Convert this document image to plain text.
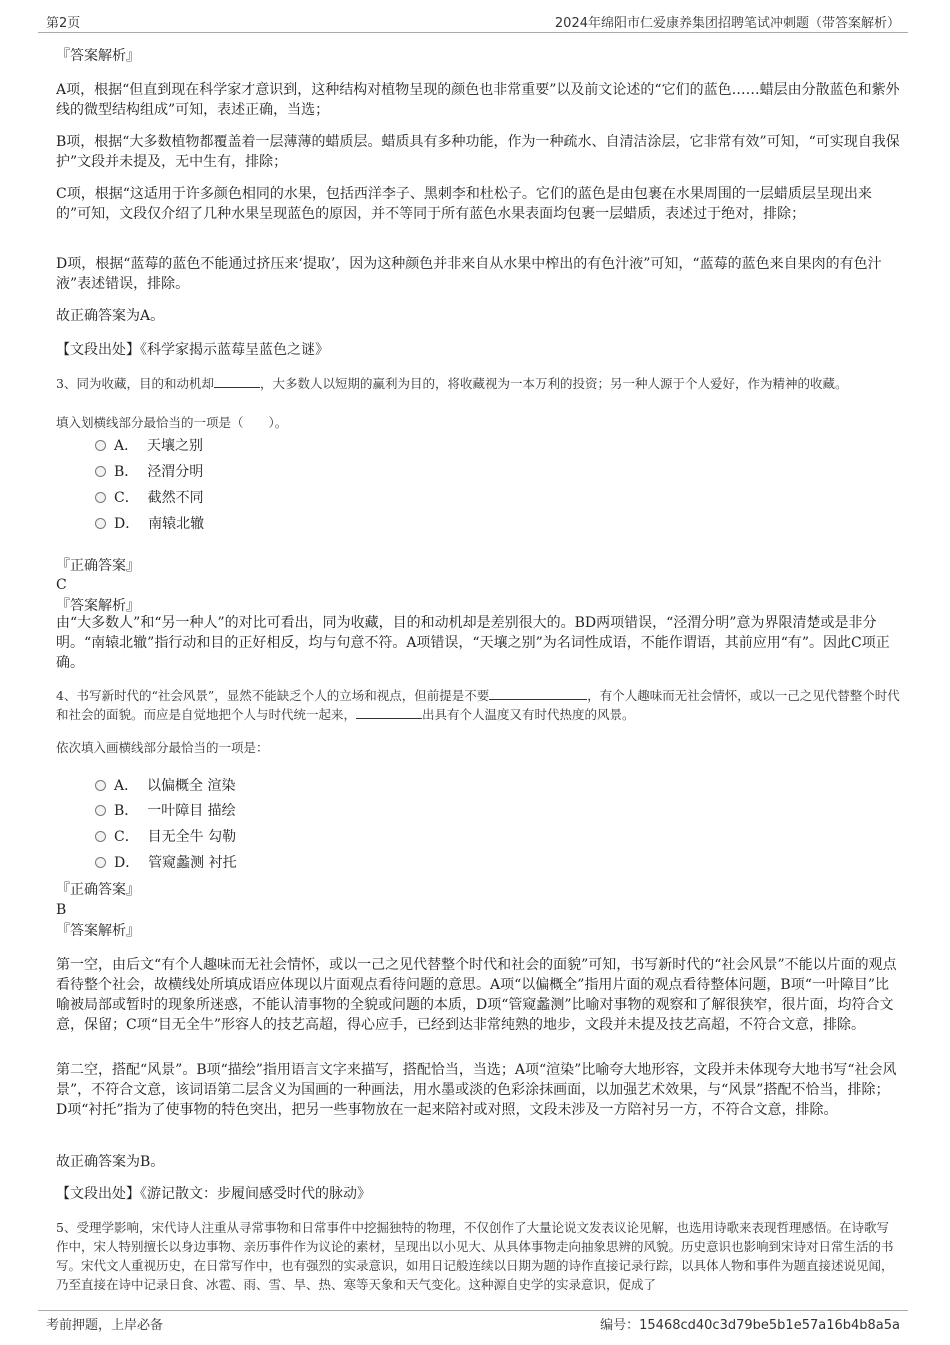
第2页	2024年绵阳市仁爱康养集团招聘笔试冲刺题（带答案解析）
『答案解析』
A项，根据“但直到现在科学家才意识到，这种结构对植物呈现的颜色也非常重要”以及前文论述的“它们的蓝色……蜡层由分散蓝色和紫外线的微型结构组成”可知，表述正确，当选；
B项，根据“大多数植物都覆盖着一层薄薄的蜡质层。蜡质具有多种功能，作为一种疏水、自清洁涂层，它非常有效”可知，“可实现自我保护”文段并未提及，无中生有，排除；
C项，根据“这适用于许多颜色相同的水果，包括西洋李子、黑刺李和杜松子。它们的蓝色是由包裹在水果周围的一层蜡质层呈现出来的”可知，文段仅介绍了几种水果呈现蓝色的原因，并不等同于所有蓝色水果表面均包裹一层蜡质，表述过于绝对，排除；
D项，根据“蓝莓的蓝色不能通过挤压来‘提取’，因为这种颜色并非来自从水果中榨出的有色汁液”可知，“蓝莓的蓝色来自果肉的有色汁液”表述错误，排除。
故正确答案为A。
【文段出处】《科学家揭示蓝莓呈蓝色之谜》
3、同为收藏，目的和动机却	，大多数人以短期的赢利为目的，将收藏视为一本万利的投资；另一种人源于个人爱好，作为精神的收藏。
填入划横线部分最恰当的一项是（　　）。
A． 天壤之别
B． 泾渭分明
C． 截然不同
D． 南辕北辙
『正确答案』
C
『答案解析』
由“大多数人”和“另一种人”的对比可看出，同为收藏，目的和动机却是差别很大的。BD两项错误，“泾渭分明”意为界限清楚或是非分明。“南辕北辙”指行动和目的正好相反，均与句意不符。A项错误，“天壤之别”为名词性成语，不能作谓语，其前应用“有”。因此C项正确。
4、书写新时代的“社会风景”，显然不能缺乏个人的立场和视点，但前提是不要	，有个人趣味而无社会情怀，或以一己之见代替整个时代和社会的面貌。而应是自觉地把个人与时代统一起来，	出具有个人温度又有时代热度的风景。
依次填入画横线部分最恰当的一项是：
A． 以偏概全 渲染
B． 一叶障目 描绘
C． 目无全牛 勾勒
D． 管窥蠡测 衬托
『正确答案』
B
『答案解析』
第一空，由后文“有个人趣味而无社会情怀，或以一己之见代替整个时代和社会的面貌”可知，书写新时代的“社会风景”不能以片面的观点看待整个社会，故横线处所填成语应体现以片面观点看待问题的意思。A项“以偏概全”指用片面的观点看待整体问题，B项“一叶障目”比喻被局部或暂时的现象所迷惑，不能认清事物的全貌或问题的本质，D项“管窥蠡测”比喻对事物的观察和了解很狭窄，很片面，均符合文意，保留；C项“目无全牛”形容人的技艺高超，得心应手，已经到达非常纯熟的地步，文段并未提及技艺高超，不符合文意，排除。
第二空，搭配“风景”。B项“描绘”指用语言文字来描写，搭配恰当，当选；A项“渲染”比喻夸大地形容，文段并未体现夸大地书写“社会风景”，不符合文意，该词语第二层含义为国画的一种画法，用水墨或淡的色彩涂抹画面，以加强艺术效果，与“风景”搭配不恰当，排除；D项“衬托”指为了使事物的特色突出，把另一些事物放在一起来陪衬或对照，文段未涉及一方陪衬另一方，不符合文意，排除。
故正确答案为B。
【文段出处】《游记散文：步履间感受时代的脉动》
5、受理学影响，宋代诗人注重从寻常事物和日常事件中挖掘独特的物理，不仅创作了大量论说文发表议论见解，也选用诗歌来表现哲理感悟。在诗歌写作中，宋人特别擅长以身边事物、亲历事件作为议论的素材，呈现出以小见大、从具体事物走向抽象思辨的风貌。历史意识也影响到宋诗对日常生活的书写。宋代文人重视历史，在日常写作中，也有强烈的实录意识，如用日记般连续以日期为题的诗作直接记录行踪，以具体人物和事件为题直接述说见闻，乃至直接在诗中记录日食、冰雹、雨、雪、旱、热、寒等天象和天气变化。这种源自史学的实录意识，促成了
考前押题，上岸必备	编号：15468cd40c3d79be5b1e57a16b4b8a5a
